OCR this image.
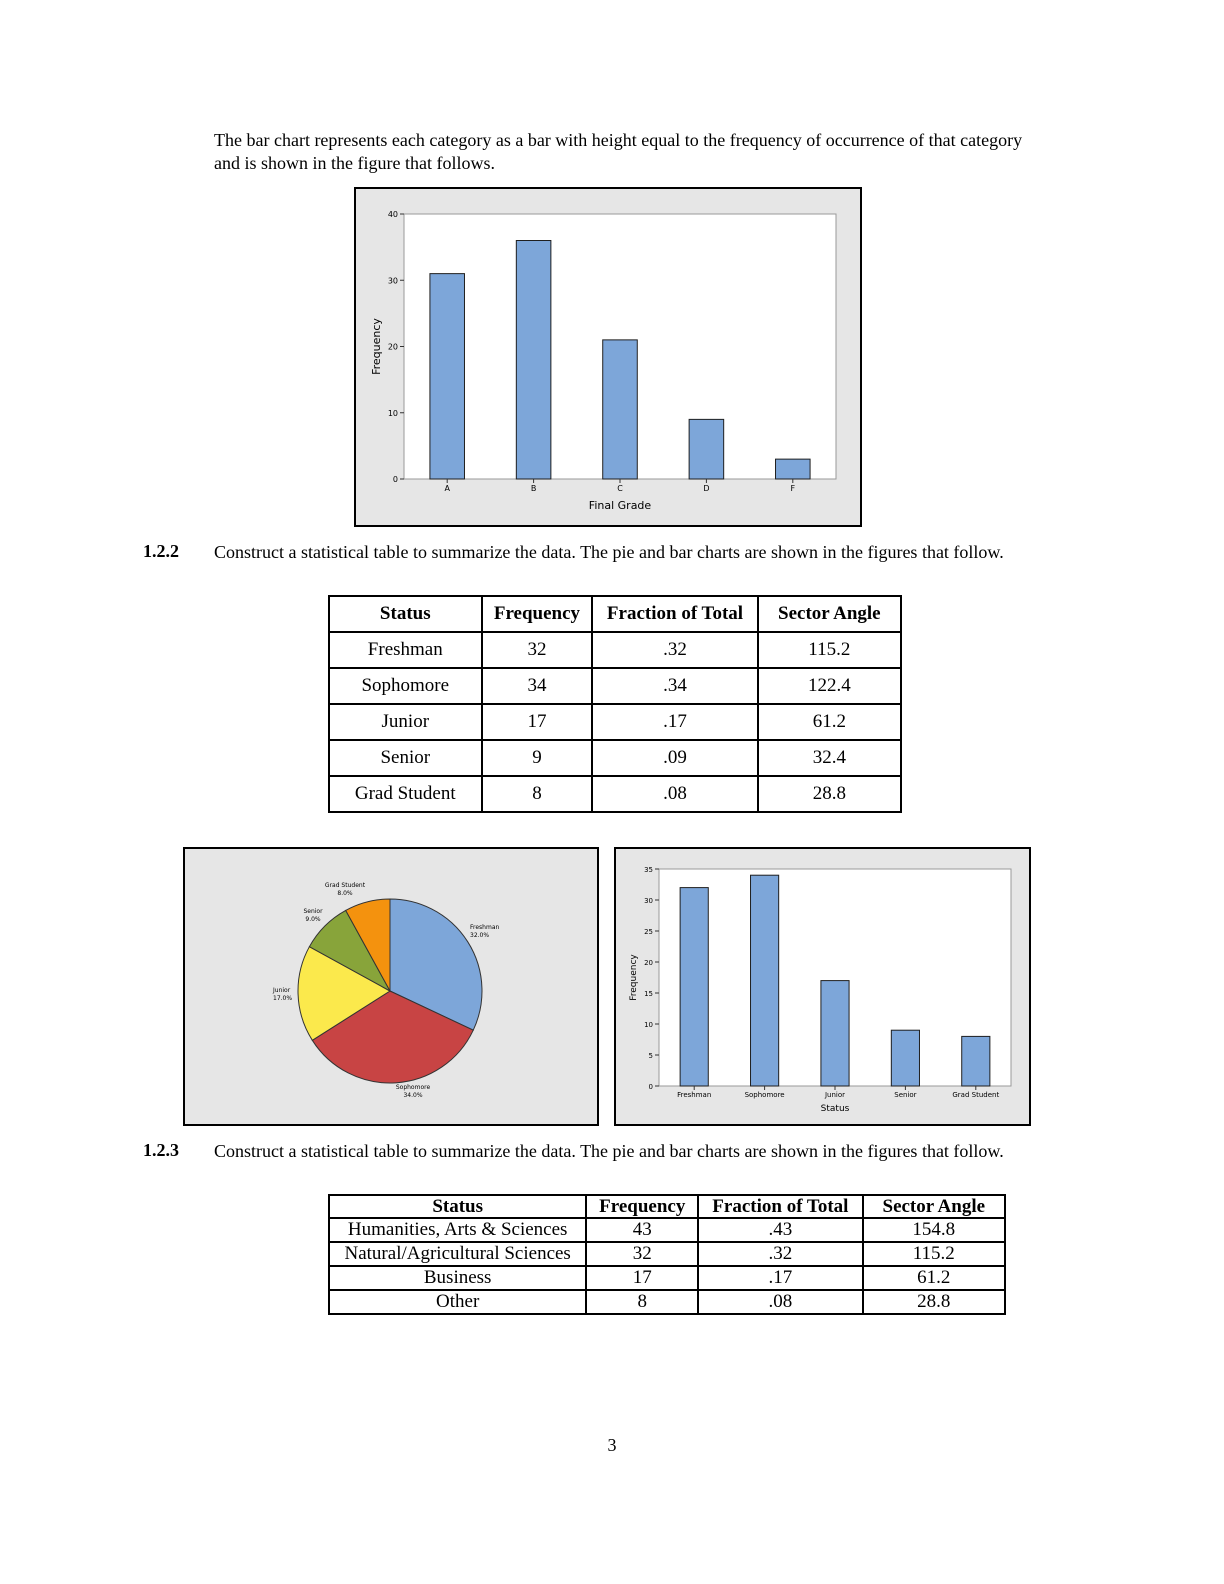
The bar chart represents each category as a bar with height equal to the frequency of occurrence of that category and is shown in the figure that follows.
0
10
20
30
40
A	B	C	D	F
Final Grade
Frequency
1.2.2 Construct a statistical table to summarize the data. The pie and bar charts are shown in the figures that follow.
Status	Frequency	Fraction of Total	Sector Angle
Freshman	32	.32	115.2
Sophomore	34	.34	122.4
Junior	17	.17	61.2
Senior	9	.09	32.4
Grad Student	8	.08	28.8
Freshman
32.0%
Sophomore
34.0%
Junior
17.0%
Senior
9.0%
Grad Student
8.0%
0
5
10
15
20
25
30
35
Freshman	Sophomore	Junior	Senior	Grad Student
Status
Frequency
1.2.3 Construct a statistical table to summarize the data. The pie and bar charts are shown in the figures that follow.
Status	Frequency	Fraction of Total	Sector Angle
Humanities, Arts & Sciences	43	.43	154.8
Natural/Agricultural Sciences	32	.32	115.2
Business	17	.17	61.2
Other	8	.08	28.8
3
